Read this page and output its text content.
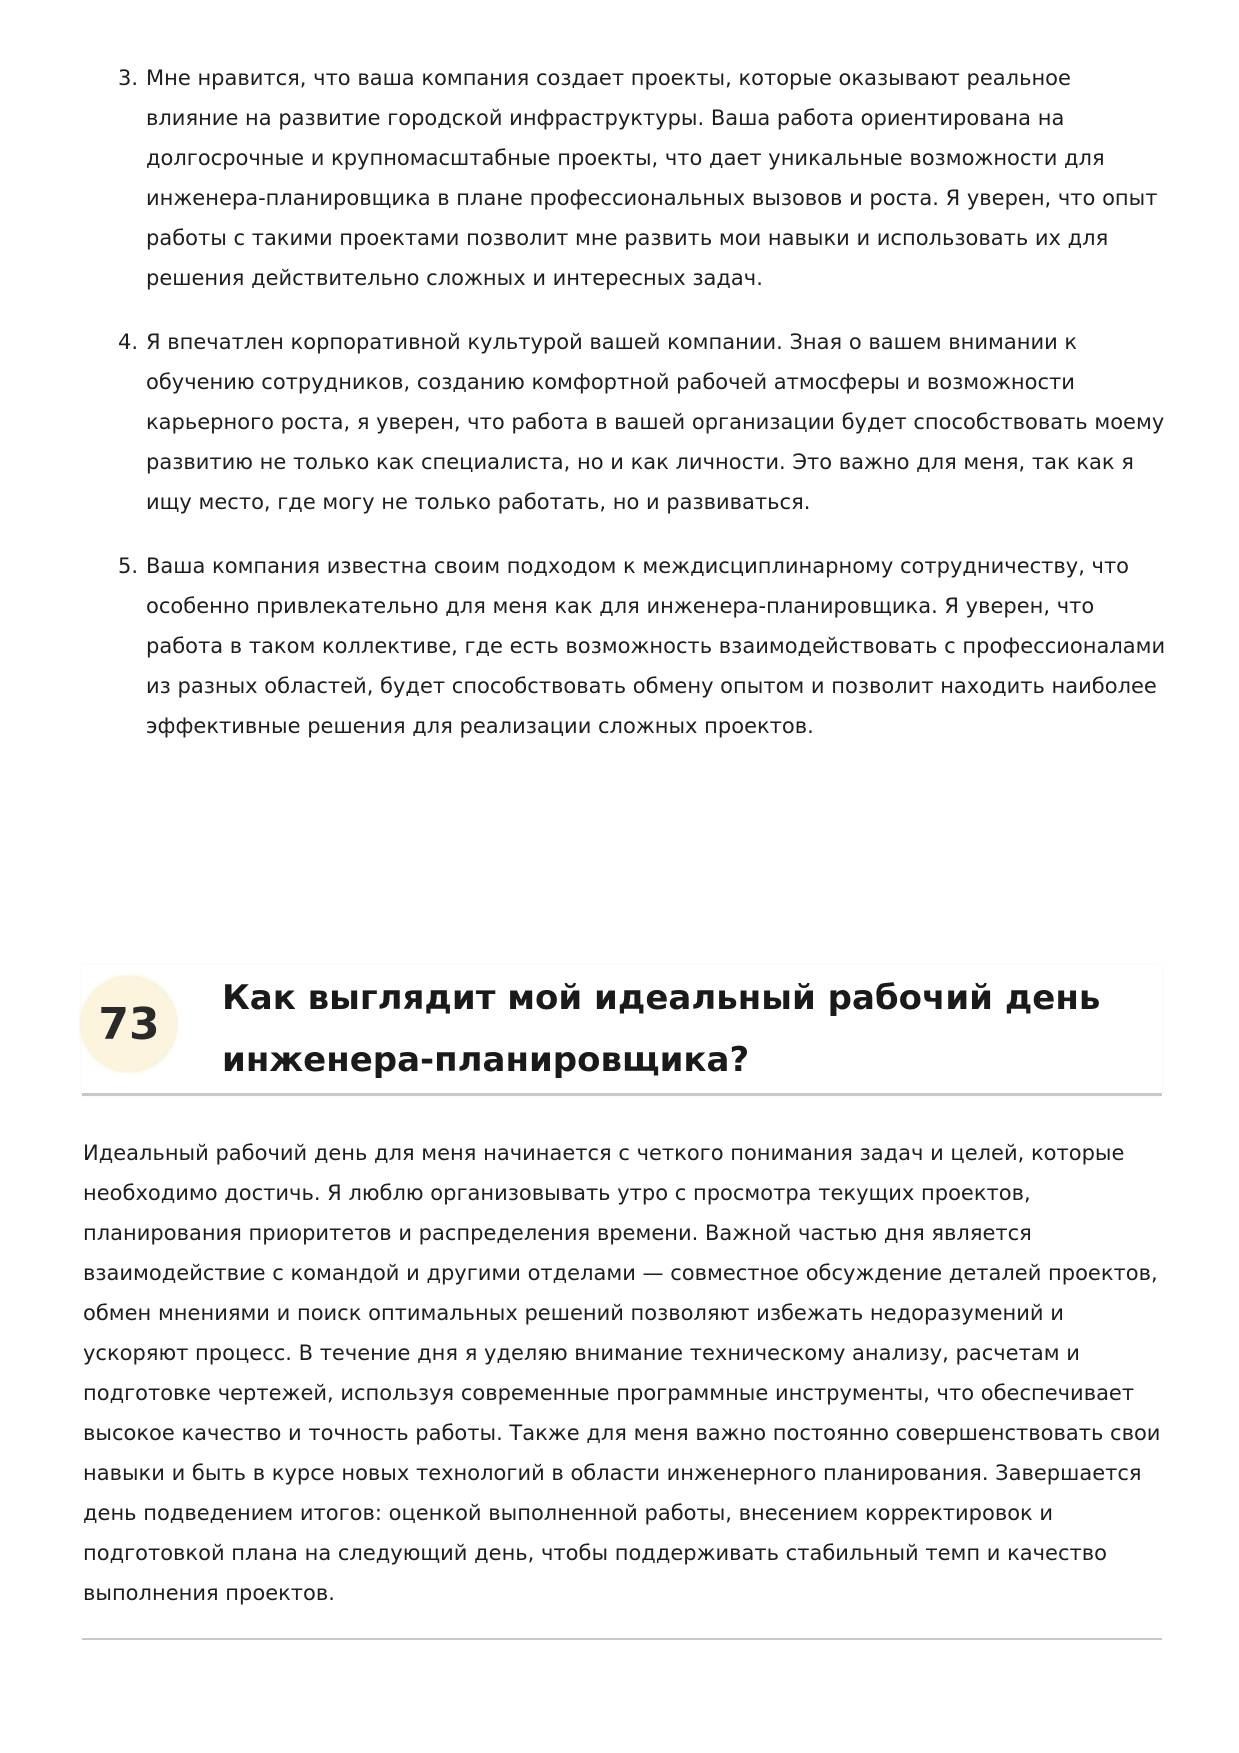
3. Мне нравится, что ваша компания создает проекты, которые оказывают реальное влияние на развитие городской инфраструктуры. Ваша работа ориентирована на долгосрочные и крупномасштабные проекты, что дает уникальные возможности для инженера-планировщика в плане профессиональных вызовов и роста. Я уверен, что опыт работы с такими проектами позволит мне развить мои навыки и использовать их для решения действительно сложных и интересных задач.
4. Я впечатлен корпоративной культурой вашей компании. Зная о вашем внимании к обучению сотрудников, созданию комфортной рабочей атмосферы и возможности карьерного роста, я уверен, что работа в вашей организации будет способствовать моему развитию не только как специалиста, но и как личности. Это важно для меня, так как я ищу место, где могу не только работать, но и развиваться.
5. Ваша компания известна своим подходом к междисциплинарному сотрудничеству, что особенно привлекательно для меня как для инженера-планировщика. Я уверен, что работа в таком коллективе, где есть возможность взаимодействовать с профессионалами из разных областей, будет способствовать обмену опытом и позволит находить наиболее эффективные решения для реализации сложных проектов.
73
Как выглядит мой идеальный рабочий день инженера-планировщика?

Идеальный рабочий день для меня начинается с четкого понимания задач и целей, которые необходимо достичь. Я люблю организовывать утро с просмотра текущих проектов, планирования приоритетов и распределения времени. Важной частью дня является взаимодействие с командой и другими отделами — совместное обсуждение деталей проектов, обмен мнениями и поиск оптимальных решений позволяют избежать недоразумений и ускоряют процесс. В течение дня я уделяю внимание техническому анализу, расчетам и подготовке чертежей, используя современные программные инструменты, что обеспечивает высокое качество и точность работы. Также для меня важно постоянно совершенствовать свои навыки и быть в курсе новых технологий в области инженерного планирования. Завершается день подведением итогов: оценкой выполненной работы, внесением корректировок и подготовкой плана на следующий день, чтобы поддерживать стабильный темп и качество выполнения проектов.
